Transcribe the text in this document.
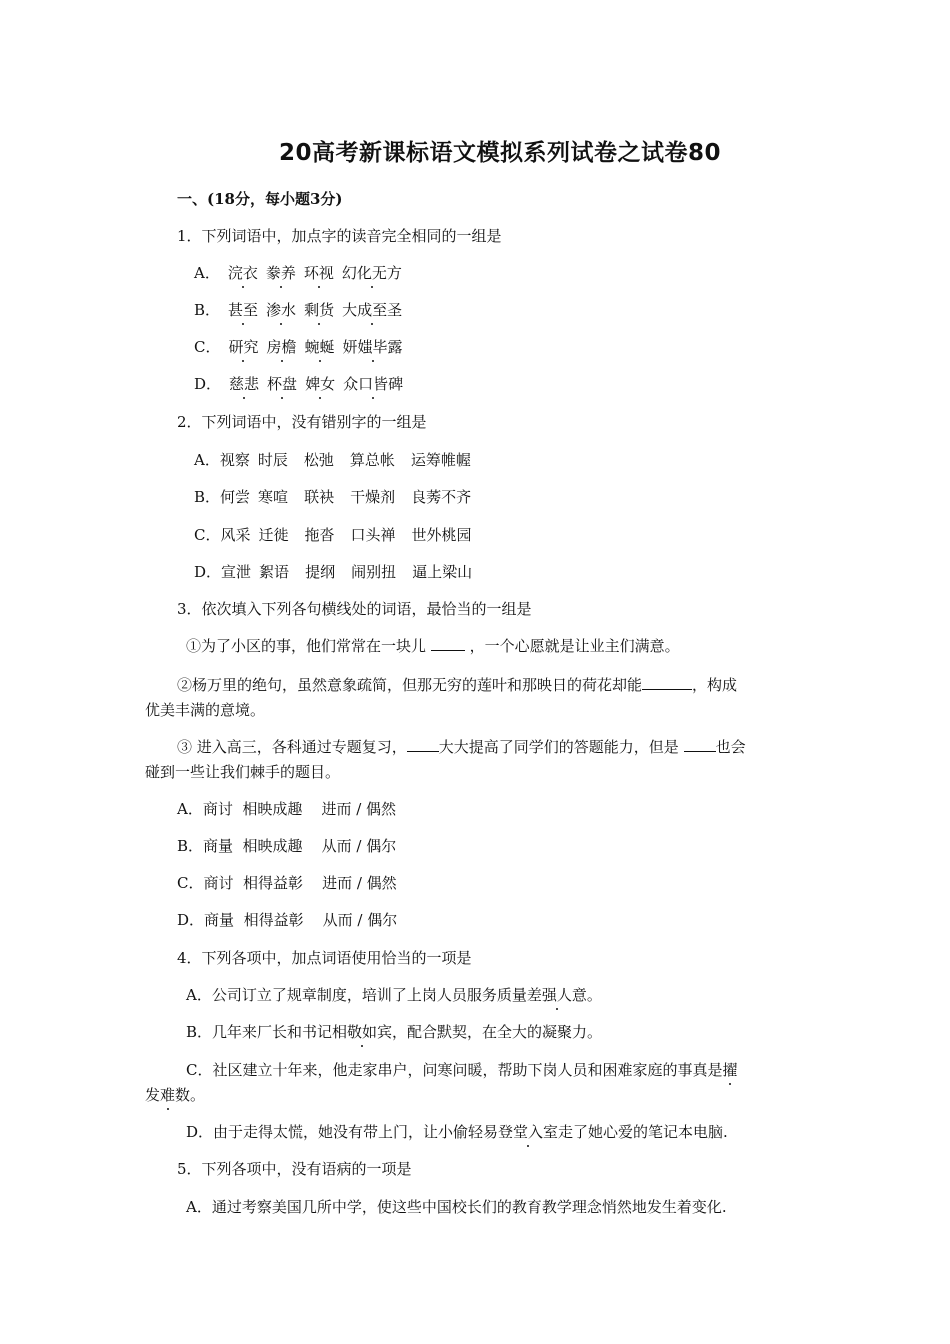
20高考新课标语文模拟系列试卷之试卷80
一、(18分，每小题3分)
1．下列词语中，加点字的读音完全相同的一组是
A． 浣衣 豢养 环视 幻化无方
B． 甚至 渗水 剩货 大成至圣
C． 研究 房檐 蜿蜒 妍媸毕露
D． 慈悲 杯盘 婢女 众口皆碑
2．下列词语中，没有错别字的一组是
A．视察 时辰 松弛 算总帐 运筹帷幄
B．何尝 寒喧 联袂 干燥剂 良莠不齐
C．风采 迁徙 拖沓 口头禅 世外桃园
D．宣泄 絮语 提纲 闹别扭 逼上梁山
3．依次填入下列各句横线处的词语，最恰当的一组是
①为了小区的事，他们常常在一块儿	，一个心愿就是让业主们满意。
②杨万里的绝句，虽然意象疏简，但那无穷的莲叶和那映日的荷花却能	，构成
优美丰满的意境。
③ 进入高三，各科通过专题复习， 大大提高了同学们的答题能力，但是 也会
碰到一些让我们棘手的题目。
A．商讨  相映成趣    进而 / 偶然
B．商量  相映成趣    从而 / 偶尔
C．商讨  相得益彰    进而 / 偶然
D．商量  相得益彰    从而 / 偶尔
4．下列各项中，加点词语使用恰当的一项是
A．公司订立了规章制度，培训了上岗人员服务质量差强人意。
B．几年来厂长和书记相敬如宾，配合默契，在全大的凝聚力。
C．社区建立十年来，他走家串户，问寒问暖，帮助下岗人员和困难家庭的事真是擢
发难数。
D．由于走得太慌，她没有带上门，让小偷轻易登堂入室走了她心爱的笔记本电脑.
5．下列各项中，没有语病的一项是
A．通过考察美国几所中学，使这些中国校长们的教育教学理念悄然地发生着变化.
